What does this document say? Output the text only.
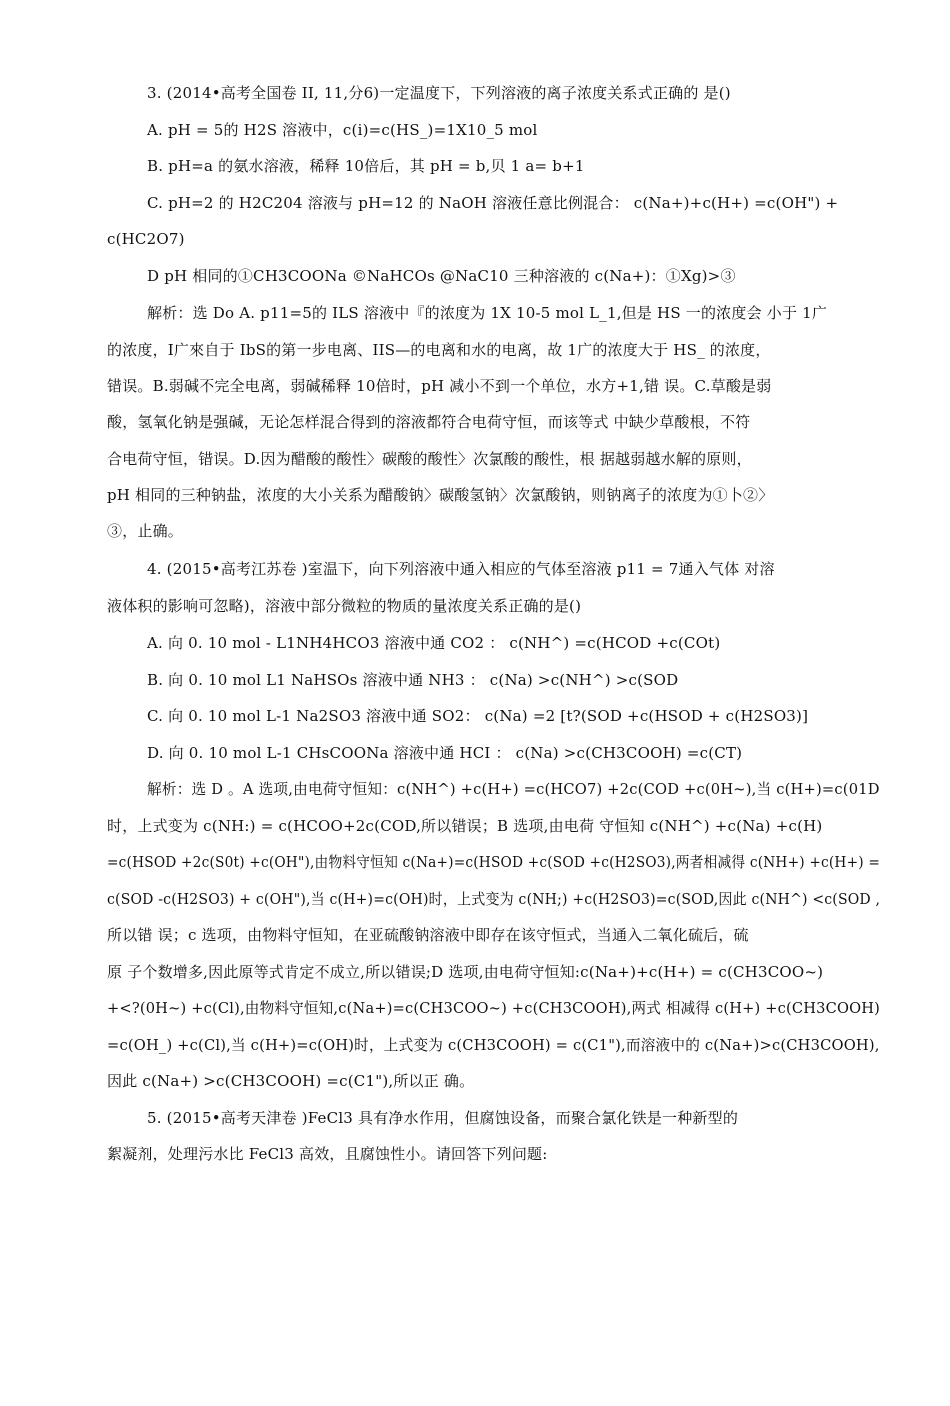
3. (2014•高考全国卷 II, 11,分6)一定温度下，下列溶液的离子浓度关系式正确的 是()
A. pH = 5的 H2S 溶液中，c(i)=c(HS_)=1X10_5 mol
B. pH=a 的氨水溶液，稀释 10倍后，其 pH = b,贝 1 a= b+1
C. pH=2 的 H2C204 溶液与 pH=12 的 NaOH 溶液任意比例混合： c(Na+)+c(H+) =c(OH") +
c(HC2O7)
D pH 相同的①CH3COONa ©NaHCOs @NaC10 三种溶液的 c(Na+)：①Xg)>③
解析：选 Do A. p11=5的 ILS 溶液中『的浓度为 1X 10-5 mol L_1,但是 HS 一的浓度会 小于 1广
的浓度，I广來自于 IbS的第一步电离、IIS—的电离和水的电离，故 1广的浓度大于 HS_ 的浓度，
错误。B.弱碱不完全电离，弱碱稀释 10倍时，pH 减小不到一个单位，水方+1,错 误。C.草酸是弱
酸，氢氧化钠是强碱，无论怎样混合得到的溶液都符合电荷守恒，而该等式 中缺少草酸根，不符
合电荷守恒，错误。D.因为醋酸的酸性〉碳酸的酸性〉次氯酸的酸性，根 据越弱越水解的原则，
pH 相同的三种钠盐，浓度的大小关系为醋酸钠〉碳酸氢钠〉次氯酸钠，则钠离子的浓度为①卜②〉
③，止确。
4. (2015•高考江苏卷 )室温下，向下列溶液中通入相应的气体至溶液 p11 = 7通入气体 对溶
液体积的影响可忽略)，溶液中部分微粒的物质的量浓度关系正确的是()
A. 向 0. 10 mol - L1NH4HCO3 溶液中通 CO2 ： c(NH^) =c(HCOD +c(COt)
B. 向 0. 10 mol L1 NaHSOs 溶液中通 NH3 ： c(Na) >c(NH^) >c(SOD
C. 向 0. 10 mol L-1 Na2SO3 溶液中通 SO2： c(Na) =2 [t?(SOD +c(HSOD + c(H2SO3)]
D. 向 0. 10 mol L-1 CHsCOONa 溶液中通 HCI ： c(Na) >c(CH3COOH) =c(CT)
解析：选 D 。A 选项,由电荷守恒知：c(NH^) +c(H+) =c(HCO7) +2c(COD +c(0H~),当 c(H+)=c(01D
时，上式变为 c(NH:) = c(HCOO+2c(COD,所以错误；B 选项,由电荷 守恒知 c(NH^) +c(Na) +c(H)
=c(HSOD +2c(S0t) +c(OH"),由物料守恒知 c(Na+)=c(HSOD +c(SOD +c(H2SO3),两者相减得 c(NH+) +c(H+) =
c(SOD -c(H2SO3) + c(OH"),当 c(H+)=c(OH)时，上式变为 c(NH;) +c(H2SO3)=c(SOD,因此 c(NH^) <c(SOD ,
所以错 误；c 选项，由物料守恒知，在亚硫酸钠溶液中即存在该守恒式，当通入二氧化硫后，硫
原 子个数增多,因此原等式肯定不成立,所以错误;D 选项,由电荷守恒知:c(Na+)+c(H+) = c(CH3COO~)
+<?(0H~) +c(Cl),由物料守恒知,c(Na+)=c(CH3COO~) +c(CH3COOH),两式 相减得 c(H+) +c(CH3COOH)
=c(OH_) +c(Cl),当 c(H+)=c(OH)时，上式变为 c(CH3COOH) = c(C1"),而溶液中的 c(Na+)>c(CH3COOH),
因此 c(Na+) >c(CH3COOH) =c(C1"),所以正 确。
5. (2015•高考天津卷 )FeCl3 具有净水作用，但腐蚀设备，而聚合氯化铁是一种新型的
絮凝剂，处理污水比 FeCl3 高效，且腐蚀性小。请回答下列问题:
